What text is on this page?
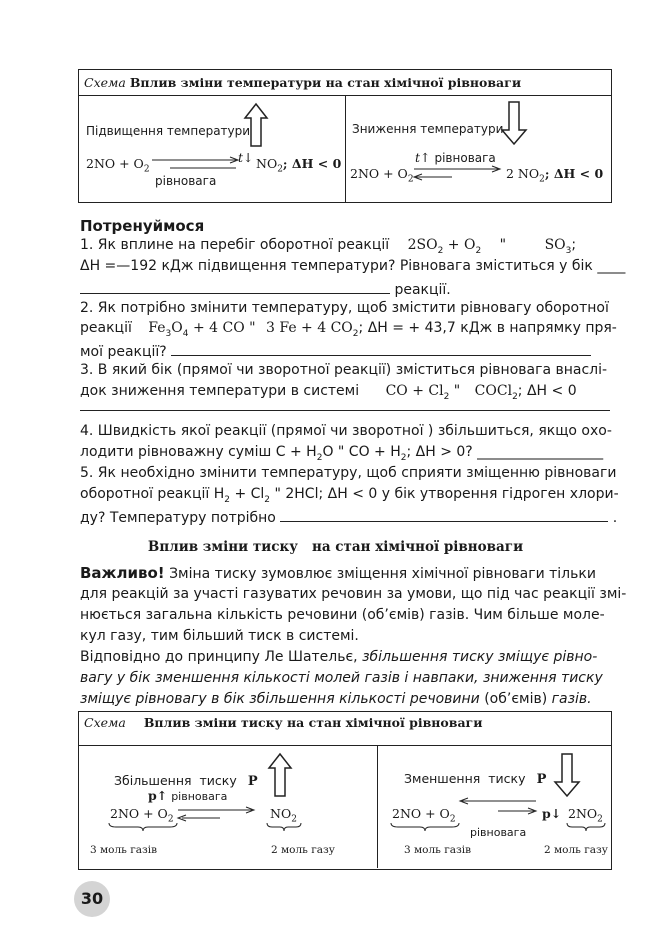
Схема Вплив зміни температури на стан хімічної рівноваги
Підвищення температури
t↓
$2NO + O_2$	$NO_2$; ΔH < 0
рівновага
Зниження температури
t↑ рівновага
$2NO + O_2$	2 $NO_2$; ΔH < 0
Потренуймося
1. Як вплине на перебіг оборотної реакції $2SO_2 + O_2$ "	$SO_3$;
ΔH =—192 кДж підвищення температури? Рівновага зміститься у бік ____
реакції.
2. Як потрібно змінити температуру, щоб змістити рівновагу оборотної
реакції $Fe_3O_4 + 4$ CO " 3 Fe + 4 $CO_2$; ΔH = + 43,7 кДж в напрямку пря-
мої реакції?
3. В який бік (прямої чи зворотної реакції) зміститься рівновага внаслі-
док зниження температури в системі CO + $Cl_2$ " COCl$_2$; ΔH < 0
4. Швидкість якої реакції (прямої чи зворотної ) збільшиться, якщо охо-
лодити рівноважну суміш $C + H_2O$ " CO + $H_2$; ΔH > 0? __________________
5. Як необхідно змінити температуру, щоб сприяти зміщенню рівноваги
оборотної реакції $H_2 + Cl_2$ " 2HCl; ΔH < 0 у бік утворення гідроген хлори-
ду? Температуру потрібно	.
Вплив зміни тиску   на стан хімічної рівноваги
Важливо! Зміна тиску зумовлює зміщення хімічної рівноваги тільки
для реакцій за участі газуватих речовин за умови, що під час реакції змі-
нюється загальна кількість речовини (об’ємів) газів. Чим більше моле-
кул газу, тим більший тиск в системі.
Відповідно до принципу Ле Шательє, збільшення тиску зміщує рівно-
вагу у бік зменшення кількості молей газів і навпаки, зниження тиску
зміщує рівновагу в бік збільшення кількості речовини (об’ємів) газів.
Схема Вплив зміни тиску на стан хімічної рівноваги
Збільшення  тиску P
p↑ рівновага
$2NO + O_2$	$NO_2$
3 моль газів	2 моль газу
Зменшення  тиску P
$2NO + O_2$	p↓ $2NO_2$
рівновага
3 моль газів	2 моль газу
30
